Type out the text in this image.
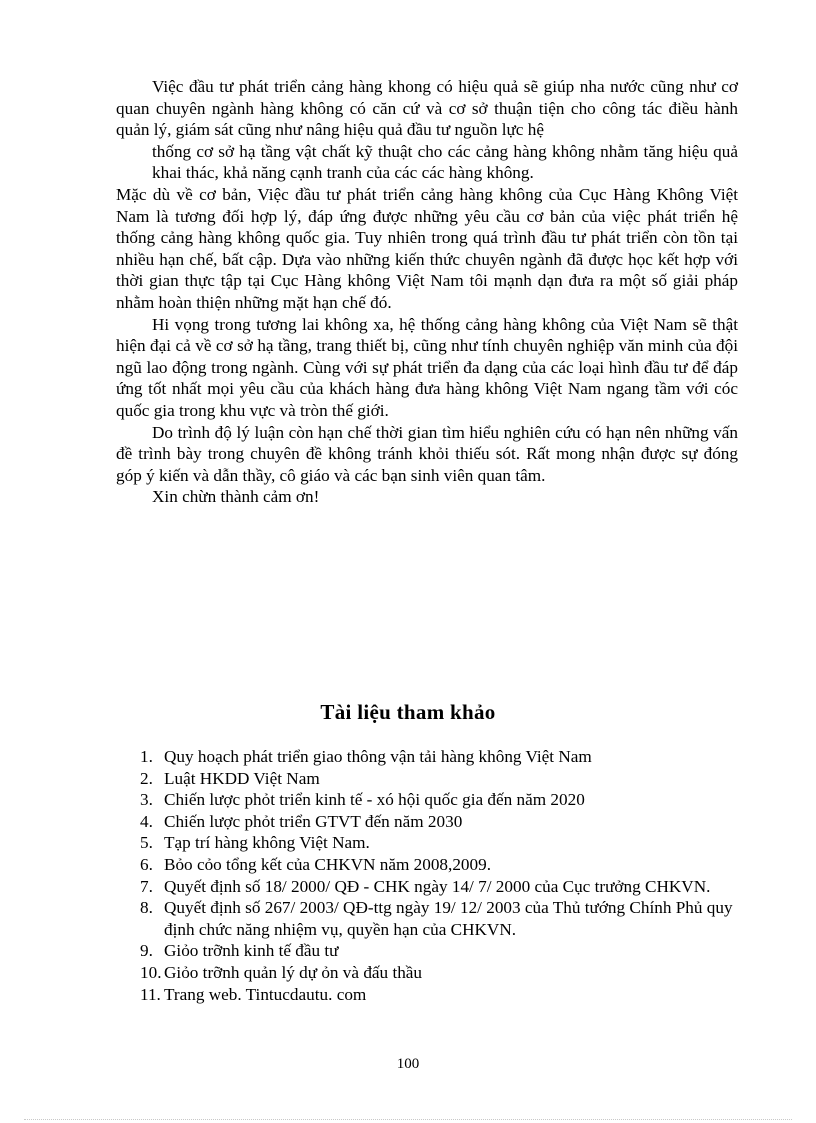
Việc đầu tư phát triển cảng hàng khong có hiệu quả sẽ giúp nha nước cũng như cơ quan chuyên ngành hàng không có căn cứ và cơ sở thuận tiện cho công tác điều hành quản lý, giám sát cũng như nâng hiệu quả đầu tư nguồn lực hệ

thống cơ sở hạ tầng vật chất kỹ thuật cho các cảng hàng không nhằm tăng hiệu quả khai thác, khả năng cạnh tranh của các các hàng không.

Mặc dù về cơ bản, Việc đầu tư phát triển cảng hàng không của Cục Hàng Không Việt Nam là tương đối hợp lý, đáp ứng được những yêu cầu cơ bản của việc phát triển hệ thống cảng hàng không quốc gia. Tuy nhiên trong quá trình đầu tư phát triển còn tồn tại nhiều hạn chế, bất cập. Dựa vào những kiến thức chuyên ngành đã được học kết hợp với thời gian thực tập tại Cục Hàng không Việt Nam tôi mạnh dạn đưa ra một số giải pháp nhằm hoàn thiện những mặt hạn chế đó.

Hi vọng trong tương lai không xa, hệ thống cảng hàng không của Việt Nam sẽ thật hiện đại cả về cơ sở hạ tầng, trang thiết bị, cũng như tính chuyên nghiệp văn minh của đội ngũ lao động trong ngành. Cùng với sự phát triển đa dạng của các loại hình đầu tư để đáp ứng tốt nhất mọi yêu cầu của khách hàng đưa hàng không Việt Nam ngang tầm với cóc quốc gia trong khu vực và tròn thế giới.

Do trình độ lý luận còn hạn chế thời gian tìm hiểu nghiên cứu có hạn nên những vấn đề trình bày trong chuyên đề không tránh khỏi thiếu sót. Rất mong nhận được sự đóng góp ý kiến và dẫn thầy, cô giáo và các bạn sinh viên quan tâm.

Xin chừn thành cảm ơn!

Tài liệu tham khảo
1. Quy hoạch phát triển giao thông vận tải hàng không Việt Nam
2. Luật HKDD Việt Nam
3. Chiến lược phỏt triển kinh tế - xó hội quốc gia đến năm 2020
4. Chiến lược phỏt triển GTVT đến năm 2030
5. Tạp trí hàng không Việt Nam.
6. Bỏo cỏo tổng kết của CHKVN năm 2008,2009.
7. Quyết định số 18/ 2000/ QĐ - CHK ngày 14/ 7/ 2000 của Cục trưởng CHKVN.
8. Quyết định số 267/ 2003/ QĐ-ttg ngày 19/ 12/ 2003 của Thủ tướng Chính Phủ quy định chức năng nhiệm vụ, quyền hạn của CHKVN.
9. Giỏo trỡnh kinh tế đầu tư
10. Giỏo trỡnh quản lý dự ỏn và đấu thầu
11. Trang web. Tintucdautu. com
100
